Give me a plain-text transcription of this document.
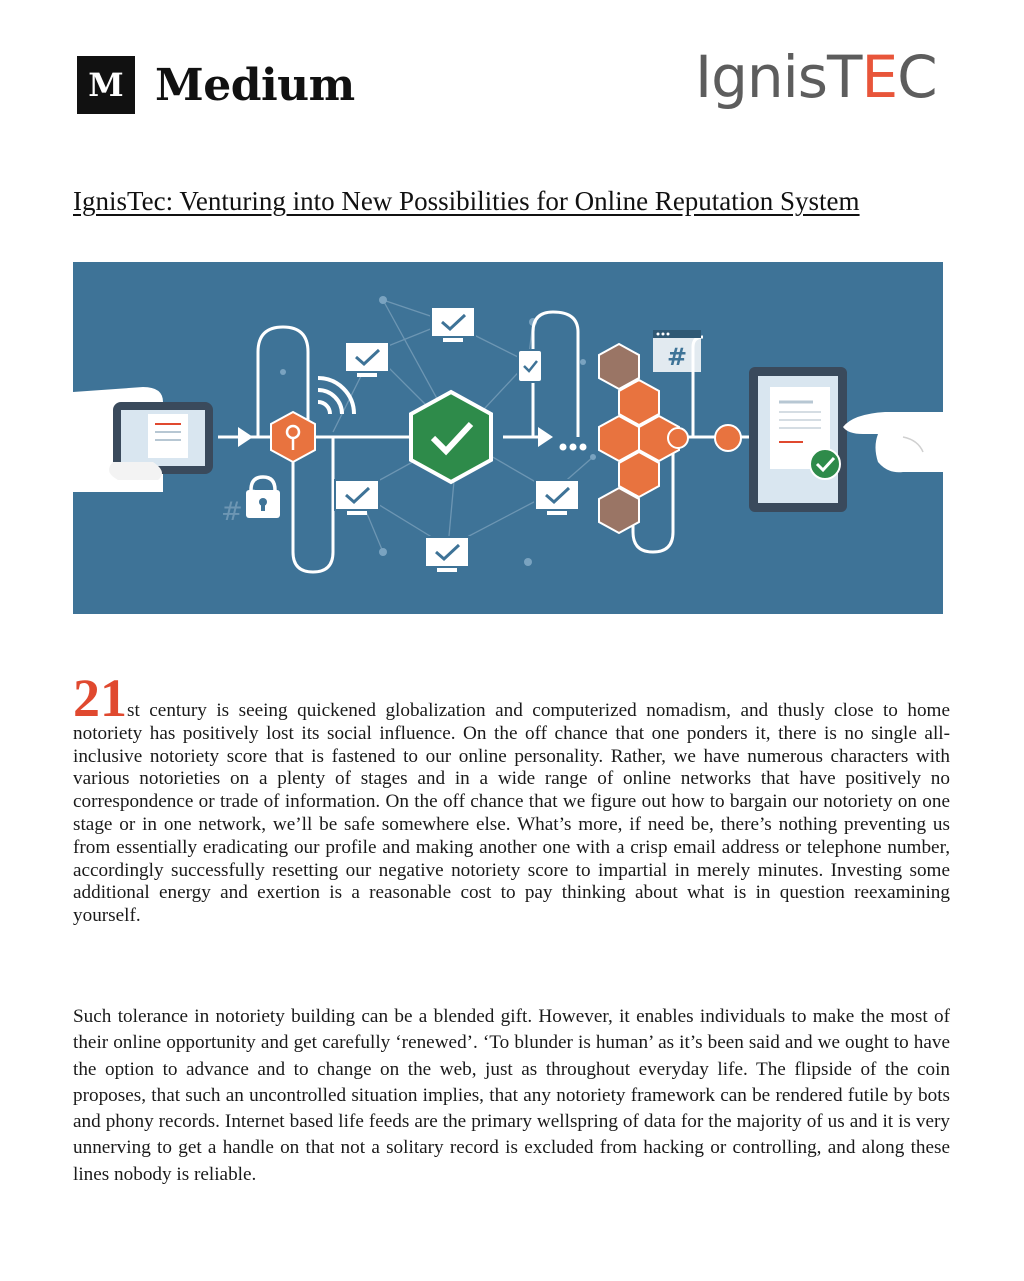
M Medium	IgnisTEC
IgnisTec: Venturing into New Possibilities for Online Reputation System
#
#

21st century is seeing quickened globalization and computerized nomadism, and thusly close to home notoriety has positively lost its social influence. On the off chance that one ponders it, there is no single all-inclusive notoriety score that is fastened to our online personality. Rather, we have numerous characters with various notorieties on a plenty of stages and in a wide range of online networks that have positively no correspondence or trade of information. On the off chance that we figure out how to bargain our notoriety on one stage or in one network, we’ll be safe somewhere else. What’s more, if need be, there’s nothing preventing us from essentially eradicating our profile and making another one with a crisp email address or telephone number, accordingly successfully resetting our negative notoriety score to impartial in merely minutes. Investing some additional energy and exertion is a reasonable cost to pay thinking about what is in question reexamining yourself.

Such tolerance in notoriety building can be a blended gift. However, it enables individuals to make the most of their online opportunity and get carefully ‘renewed’. ‘To blunder is human’ as it’s been said and we ought to have the option to advance and to change on the web, just as throughout everyday life. The flipside of the coin proposes, that such an uncontrolled situation implies, that any notoriety framework can be rendered futile by bots and phony records. Internet based life feeds are the primary wellspring of data for the majority of us and it is very unnerving to get a handle on that not a solitary record is excluded from hacking or controlling, and along these lines nobody is reliable.
